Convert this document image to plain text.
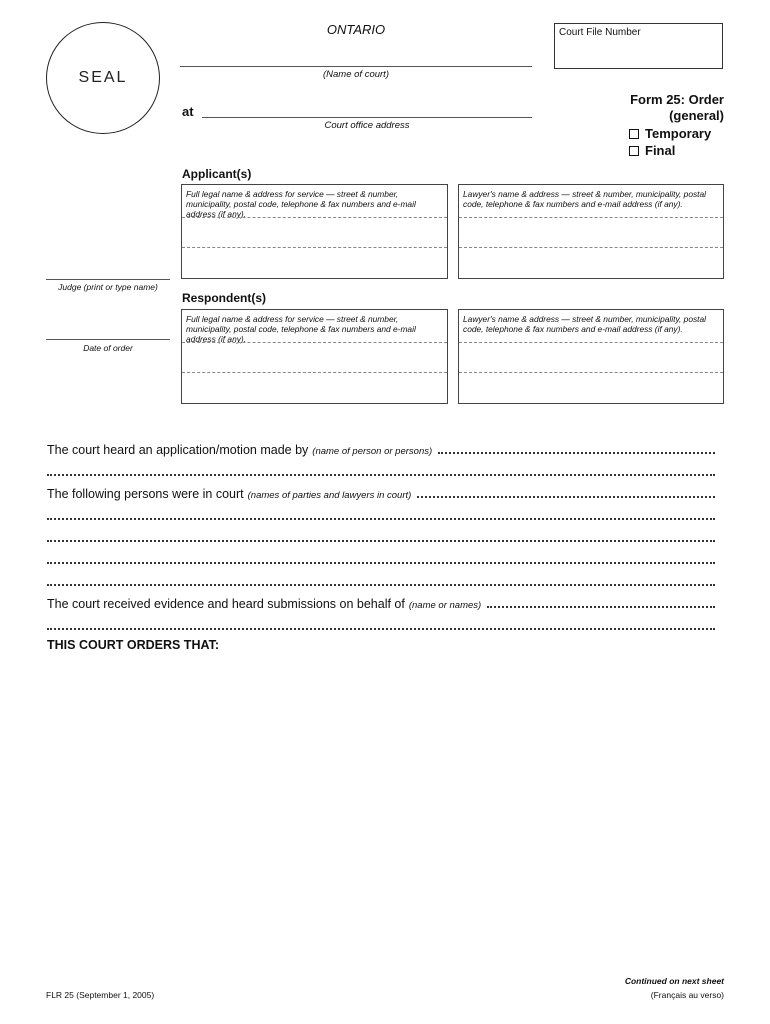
SEAL
ONTARIO
(Name of court)
at
Court office address
Court File Number
Form 25: Order
(general)
Temporary
Final
Applicant(s)
Full legal name & address for service — street & number, municipality, postal code, telephone & fax numbers and e-mail address (if any).
Lawyer's name & address — street & number, municipality, postal code, telephone & fax numbers and e-mail address (if any).
Judge (print or type name)
Date of order
Respondent(s)
Full legal name & address for service — street & number, municipality, postal code, telephone & fax numbers and e-mail address (if any).
Lawyer's name & address — street & number, municipality, postal code, telephone & fax numbers and e-mail address (if any).
The court heard an application/motion made by (name of person or persons)
The following persons were in court (names of parties and lawyers in court)
The court received evidence and heard submissions on behalf of (name or names)
THIS COURT ORDERS THAT:
FLR 25 (September 1, 2005)
Continued on next sheet
(Français au verso)
